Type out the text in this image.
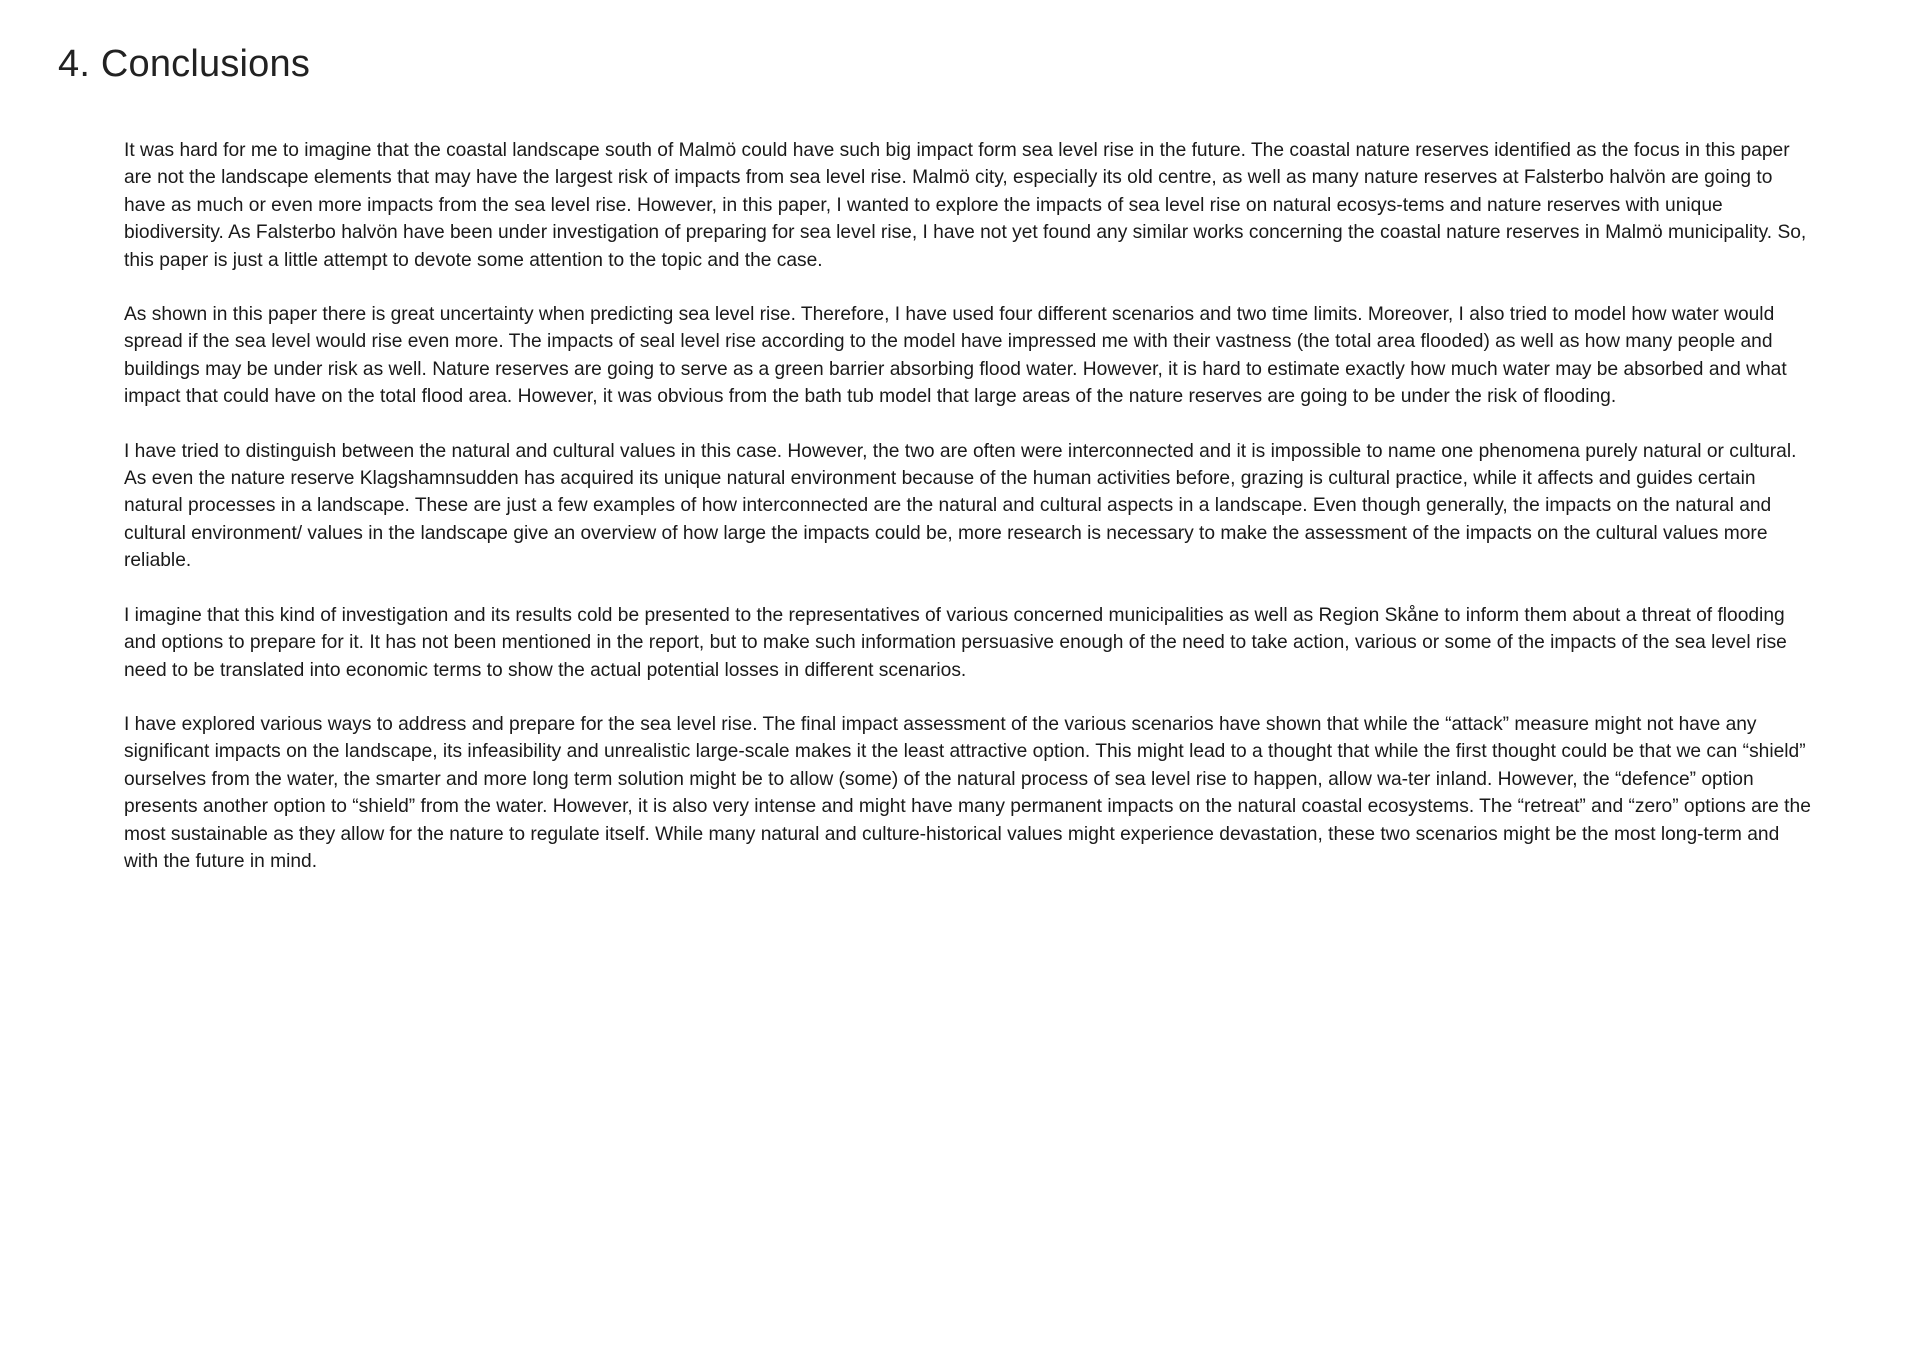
4. Conclusions

It was hard for me to imagine that the coastal landscape south of Malmö could have such big impact form sea level rise in the future. The coastal nature reserves identified as the focus in this paper are not the landscape elements that may have the largest risk of impacts from sea level rise. Malmö city, especially its old centre, as well as many nature reserves at Falsterbo halvön are going to have as much or even more impacts from the sea level rise. However, in this paper, I wanted to explore the impacts of sea level rise on natural ecosys-tems and nature reserves with unique biodiversity. As Falsterbo halvön have been under investigation of preparing for sea level rise, I have not yet found any similar works concerning the coastal nature reserves in Malmö municipality. So, this paper is just a little attempt to devote some attention to the topic and the case.

As shown in this paper there is great uncertainty when predicting sea level rise. Therefore, I have used four different scenarios and two time limits. Moreover, I also tried to model how water would spread if the sea level would rise even more. The impacts of seal level rise according to the model have impressed me with their vastness (the total area flooded) as well as how many people and buildings may be under risk as well. Nature reserves are going to serve as a green barrier absorbing flood water. However, it is hard to estimate exactly how much water may be absorbed and what impact that could have on the total flood area. However, it was obvious from the bath tub model that large areas of the nature reserves are going to be under the risk of flooding.

I have tried to distinguish between the natural and cultural values in this case. However, the two are often were interconnected and it is impossible to name one phenomena purely natural or cultural. As even the nature reserve Klagshamnsudden has acquired its unique natural environment because of the human activities before, grazing is cultural practice, while it affects and guides certain natural processes in a landscape. These are just a few examples of how interconnected are the natural and cultural aspects in a landscape. Even though generally, the impacts on the natural and cultural environment/ values in the landscape give an overview of how large the impacts could be, more research is necessary to make the assessment of the impacts on the cultural values more reliable.

I imagine that this kind of investigation and its results cold be presented to the representatives of various concerned municipalities as well as Region Skåne to inform them about a threat of flooding and options to prepare for it. It has not been mentioned in the report, but to make such information persuasive enough of the need to take action, various or some of the impacts of the sea level rise need to be translated into economic terms to show the actual potential losses in different scenarios.

I have explored various ways to address and prepare for the sea level rise. The final impact assessment of the various scenarios have shown that while the “attack” measure might not have any significant impacts on the landscape, its infeasibility and unrealistic large-scale makes it the least attractive option. This might lead to a thought that while the first thought could be that we can “shield” ourselves from the water, the smarter and more long term solution might be to allow (some) of the natural process of sea level rise to happen, allow wa-ter inland. However, the “defence” option presents another option to “shield” from the water. However, it is also very intense and might have many permanent impacts on the natural coastal ecosystems. The “retreat” and “zero” options are the most sustainable as they allow for the nature to regulate itself. While many natural and culture-historical values might experience devastation, these two scenarios might be the most long-term and with the future in mind.
